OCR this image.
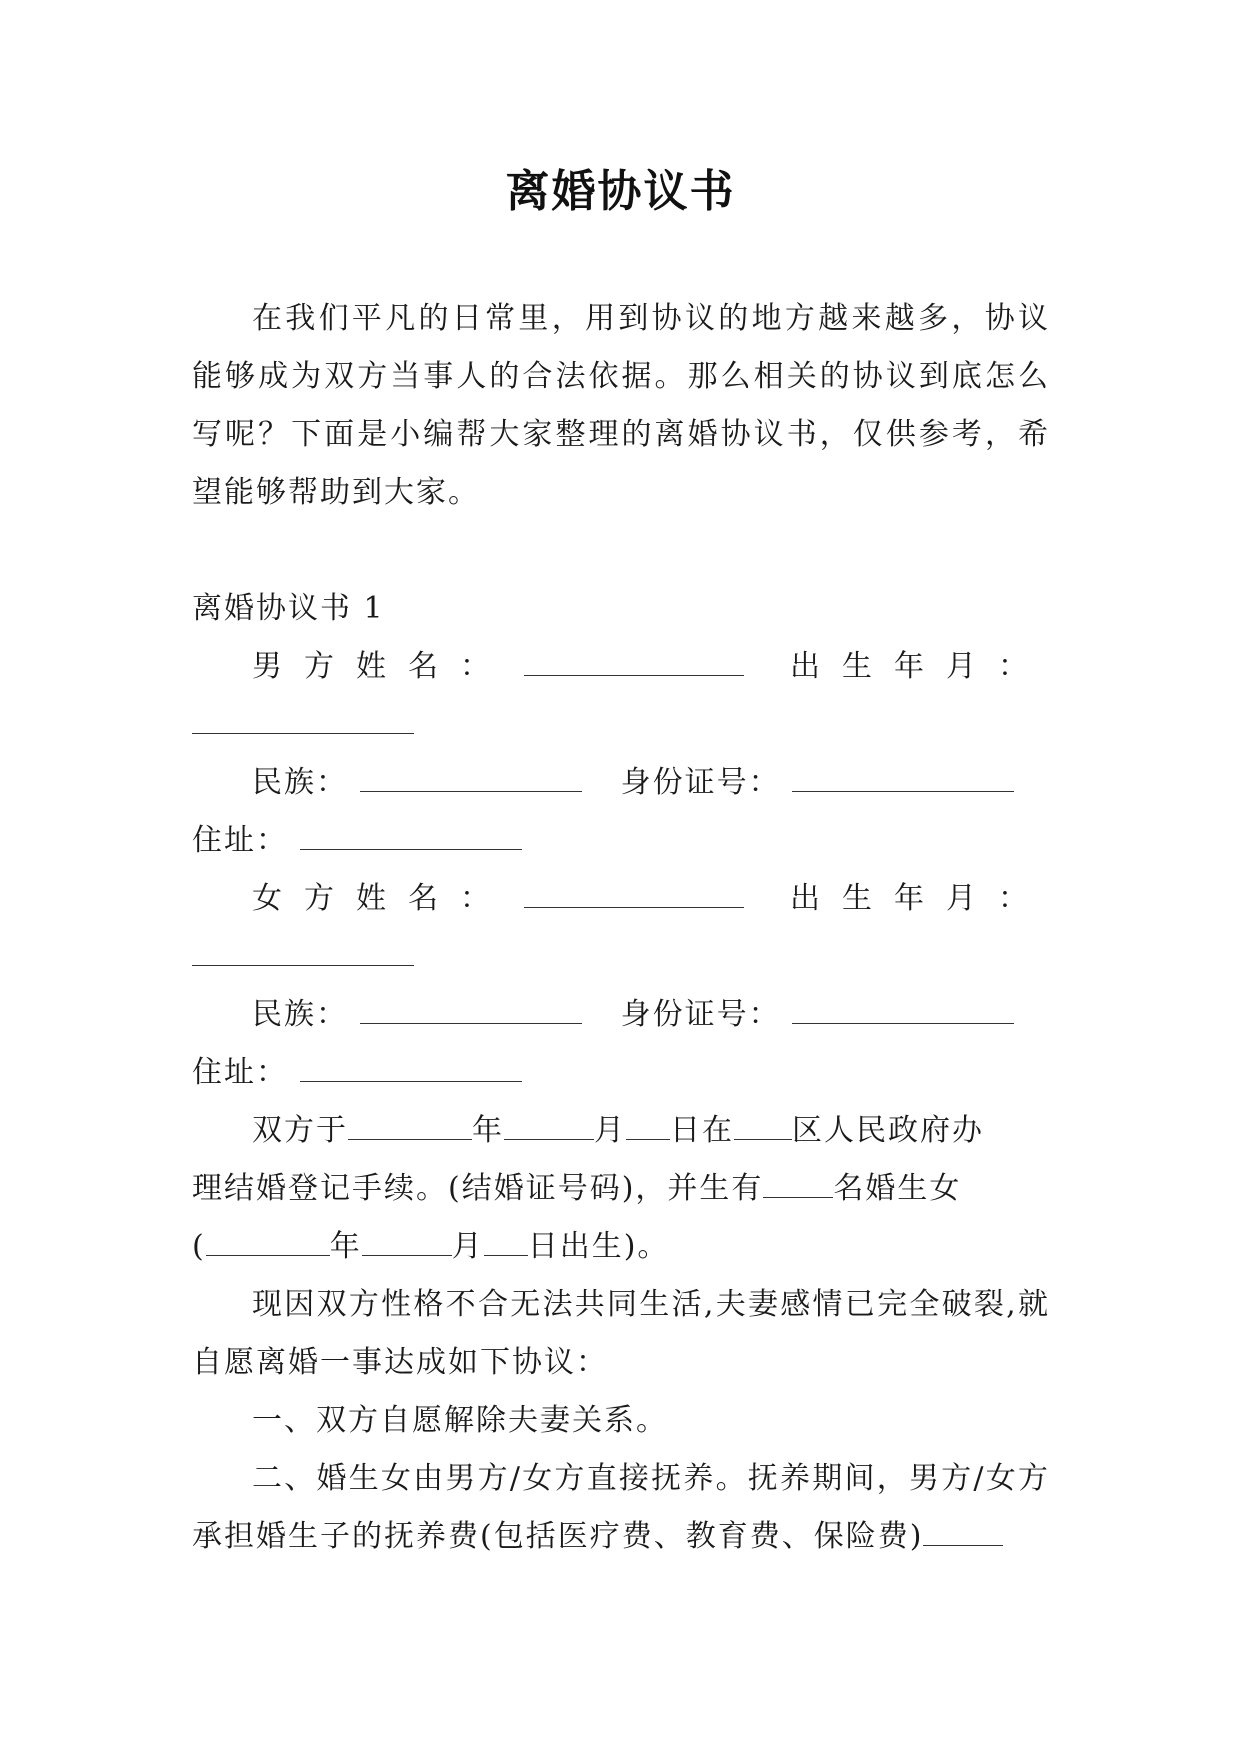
离婚协议书

在我们平凡的日常里，用到协议的地方越来越多，协议能够成为双方当事人的合法依据。那么相关的协议到底怎么写呢？下面是小编帮大家整理的离婚协议书，仅供参考，希望能够帮助到大家。

离婚协议书 1

男方姓名：	出生年月：
民族：	身份证号：
住址：
女方姓名：	出生年月：
民族：	身份证号：
住址：
双方于	年	月 日在 区人民政府办
理结婚登记手续。(结婚证号码)，并生有 名婚生女
(	年	月 日出生)。

现因双方性格不合无法共同生活,夫妻感情已完全破裂,就自愿离婚一事达成如下协议：

一、双方自愿解除夫妻关系。

二、婚生女由男方/女方直接抚养。抚养期间，男方/女方承担婚生子的抚养费(包括医疗费、教育费、保险费)
